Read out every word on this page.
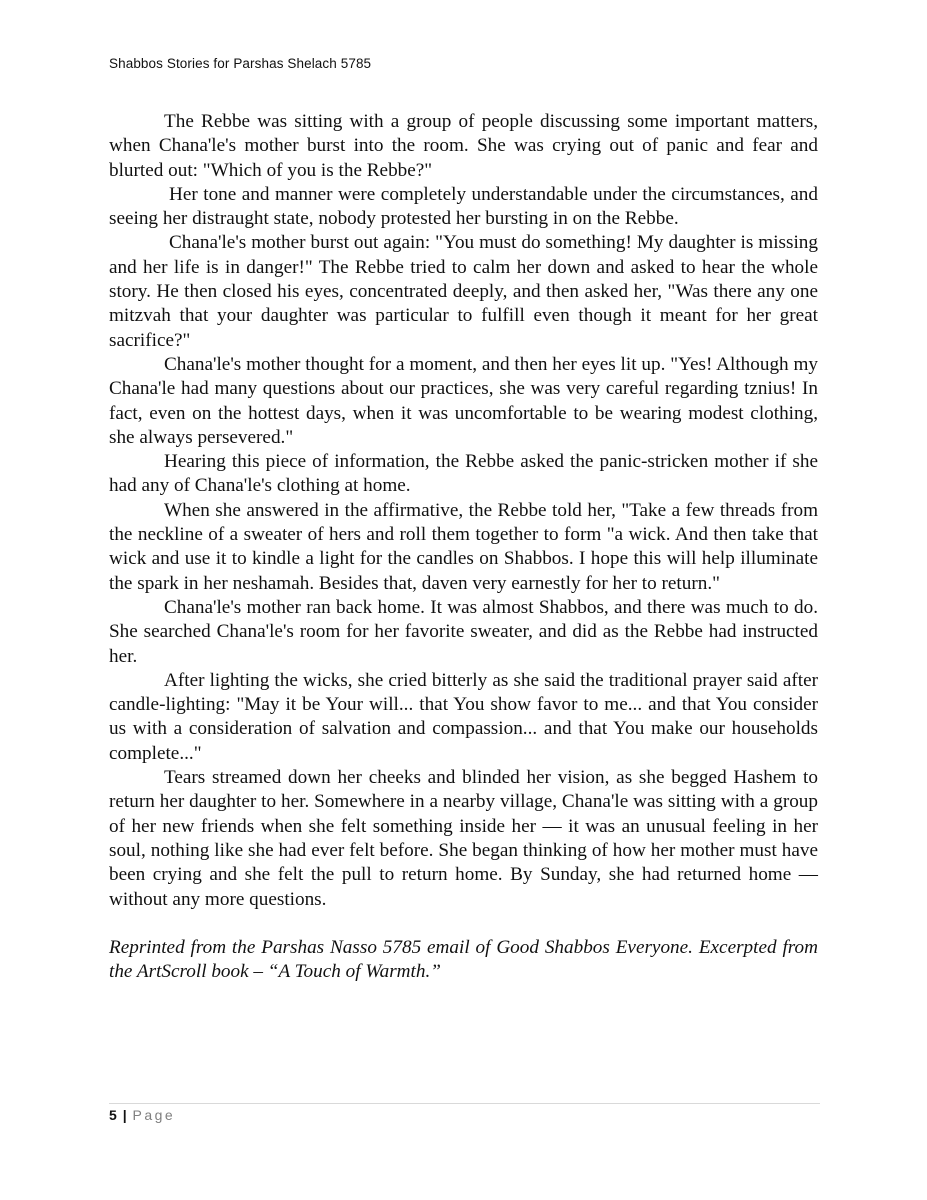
Shabbos Stories for Parshas Shelach 5785

The Rebbe was sitting with a group of people discussing some important matters, when Chana'le's mother burst into the room. She was crying out of panic and fear and blurted out: "Which of you is the Rebbe?"

Her tone and manner were completely understandable under the circumstances, and seeing her distraught state, nobody protested her bursting in on the Rebbe.

Chana'le's mother burst out again: "You must do something! My daughter is missing and her life is in danger!" The Rebbe tried to calm her down and asked to hear the whole story. He then closed his eyes, concentrated deeply, and then asked her, "Was there any one mitzvah that your daughter was particular to fulfill even though it meant for her great sacrifice?"

Chana'le's mother thought for a moment, and then her eyes lit up. "Yes! Although my Chana'le had many questions about our practices, she was very careful regarding tznius! In fact, even on the hottest days, when it was uncomfortable to be wearing modest clothing, she always persevered."

Hearing this piece of information, the Rebbe asked the panic-stricken mother if she had any of Chana'le's clothing at home.

When she answered in the affirmative, the Rebbe told her, "Take a few threads from the neckline of a sweater of hers and roll them together to form "a wick. And then take that wick and use it to kindle a light for the candles on Shabbos. I hope this will help illuminate the spark in her neshamah. Besides that, daven very earnestly for her to return."

Chana'le's mother ran back home. It was almost Shabbos, and there was much to do. She searched Chana'le's room for her favorite sweater, and did as the Rebbe had instructed her.

After lighting the wicks, she cried bitterly as she said the traditional prayer said after candle-lighting: "May it be Your will... that You show favor to me... and that You consider us with a consideration of salvation and compassion... and that You make our households complete..."

Tears streamed down her cheeks and blinded her vision, as she begged Hashem to return her daughter to her. Somewhere in a nearby village, Chana'le was sitting with a group of her new friends when she felt something inside her — it was an unusual feeling in her soul, nothing like she had ever felt before. She began thinking of how her mother must have been crying and she felt the pull to return home. By Sunday, she had returned home — without any more questions.

Reprinted from the Parshas Nasso 5785 email of Good Shabbos Everyone. Excerpted from the ArtScroll book – “A Touch of Warmth.”

5 | Page
